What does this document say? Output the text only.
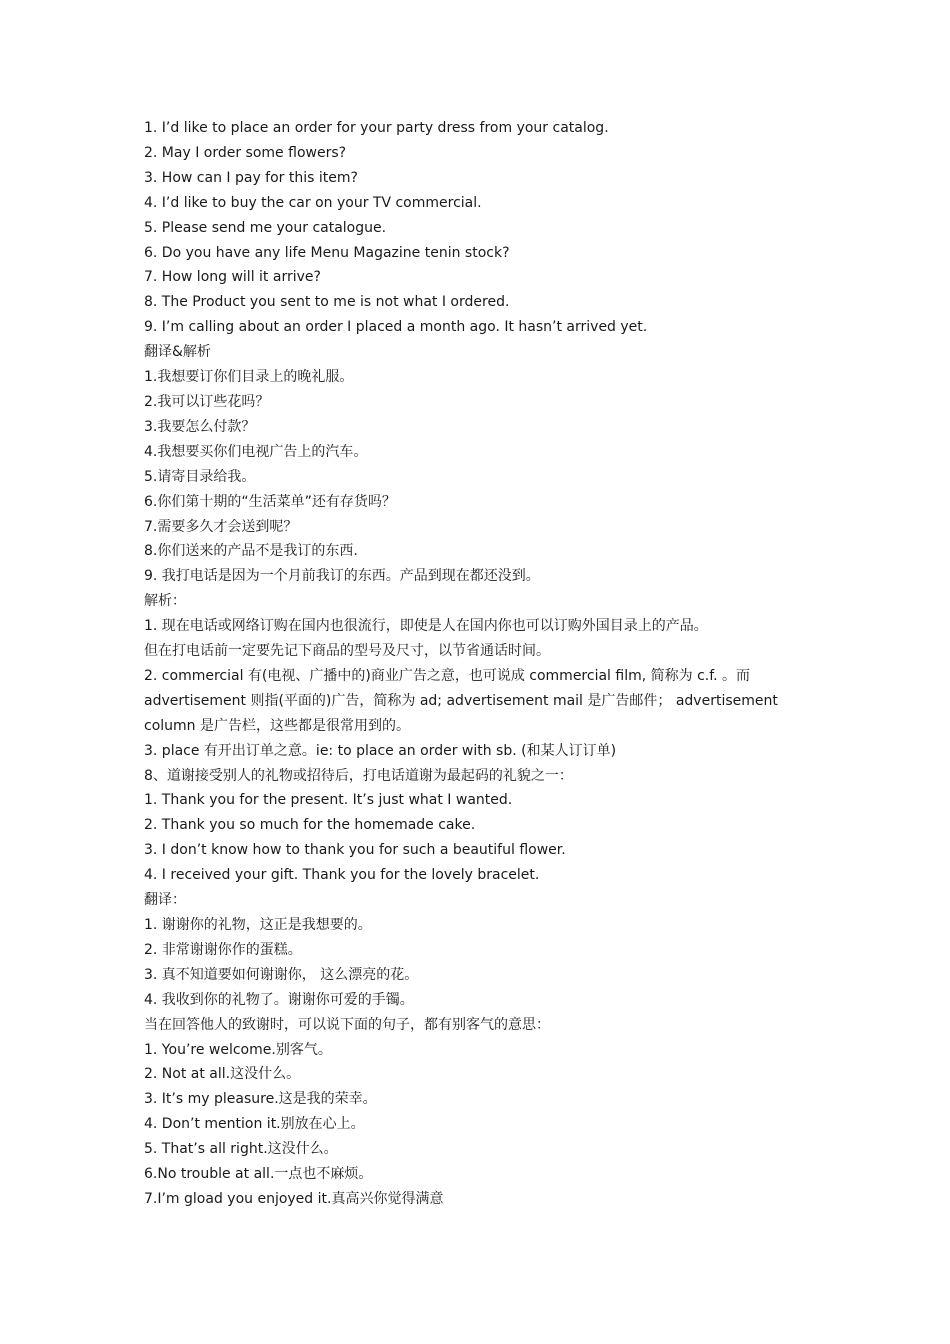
1. I’d like to place an order for your party dress from your catalog.
2. May I order some flowers?
3. How can I pay for this item?
4. I’d like to buy the car on your TV commercial.
5. Please send me your catalogue.
6. Do you have any life Menu Magazine tenin stock?
7. How long will it arrive?
8. The Product you sent to me is not what I ordered.
9. I’m calling about an order I placed a month ago. It hasn’t arrived yet.
翻译&解析
1.我想要订你们目录上的晚礼服。
2.我可以订些花吗？
3.我要怎么付款？
4.我想要买你们电视广告上的汽车。
5.请寄目录给我。
6.你们第十期的“生活菜单”还有存货吗？
7.需要多久才会送到呢？
8.你们送来的产品不是我订的东西.
9. 我打电话是因为一个月前我订的东西。产品到现在都还没到。
解析：
1. 现在电话或网络订购在国内也很流行，即使是人在国内你也可以订购外国目录上的产品。
但在打电话前一定要先记下商品的型号及尺寸，以节省通话时间。
2. commercial 有(电视、广播中的)商业广告之意，也可说成 commercial film, 简称为 c.f. 。而
advertisement 则指(平面的)广告，简称为 ad; advertisement mail 是广告邮件； advertisement
column 是广告栏，这些都是很常用到的。
3. place 有开出订单之意。ie: to place an order with sb. (和某人订订单)
8、道谢接受别人的礼物或招待后，打电话道谢为最起码的礼貌之一：
1. Thank you for the present. It’s just what I wanted.
2. Thank you so much for the homemade cake.
3. I don’t know how to thank you for such a beautiful flower.
4. I received your gift. Thank you for the lovely bracelet.
翻译：
1. 谢谢你的礼物，这正是我想要的。
2. 非常谢谢你作的蛋糕。
3. 真不知道要如何谢谢你， 这么漂亮的花。
4. 我收到你的礼物了。谢谢你可爱的手镯。
当在回答他人的致谢时，可以说下面的句子，都有别客气的意思：
1. You’re welcome.别客气。
2. Not at all.这没什么。
3. It’s my pleasure.这是我的荣幸。
4. Don’t mention it.别放在心上。
5. That’s all right.这没什么。
6.No trouble at all.一点也不麻烦。
7.I’m gload you enjoyed it.真高兴你觉得满意
